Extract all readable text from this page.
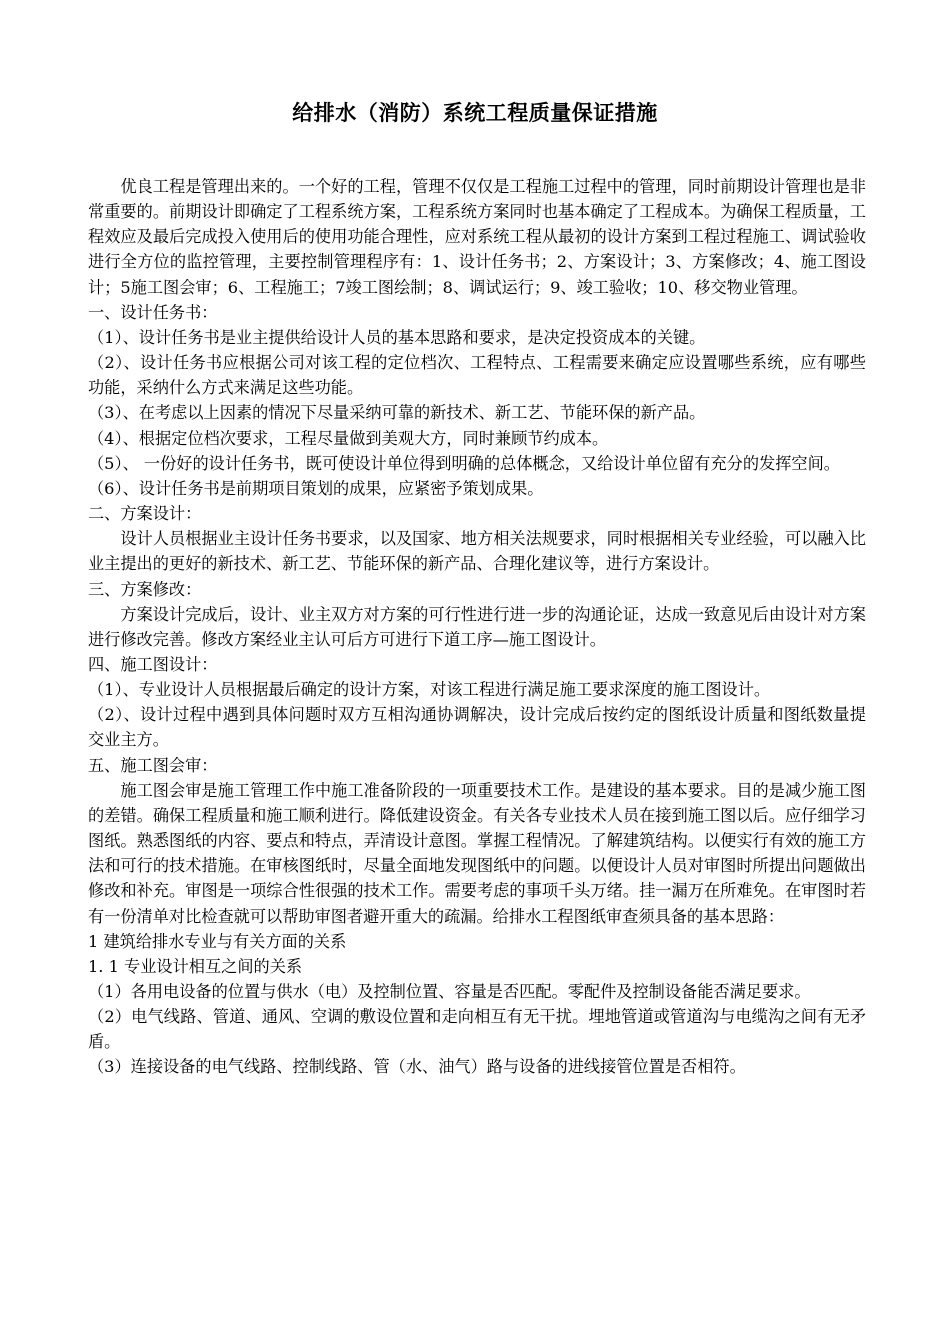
给排水（消防）系统工程质量保证措施

优良工程是管理出来的。一个好的工程，管理不仅仅是工程施工过程中的管理，同时前期设计管理也是非常重要的。前期设计即确定了工程系统方案，工程系统方案同时也基本确定了工程成本。为确保工程质量，工程效应及最后完成投入使用后的使用功能合理性，应对系统工程从最初的设计方案到工程过程施工、调试验收进行全方位的监控管理，主要控制管理程序有：1、设计任务书；2、方案设计；3、方案修改；4、施工图设计；5施工图会审；6、工程施工；7竣工图绘制；8、调试运行；9、竣工验收；10、移交物业管理。

一、设计任务书：

（1）、设计任务书是业主提供给设计人员的基本思路和要求，是决定投资成本的关键。

（2）、设计任务书应根据公司对该工程的定位档次、工程特点、工程需要来确定应设置哪些系统，应有哪些功能，采纳什么方式来满足这些功能。

（3）、在考虑以上因素的情况下尽量采纳可靠的新技术、新工艺、节能环保的新产品。

（4）、根据定位档次要求，工程尽量做到美观大方，同时兼顾节约成本。

（5）、 一份好的设计任务书，既可使设计单位得到明确的总体概念，又给设计单位留有充分的发挥空间。

（6）、设计任务书是前期项目策划的成果，应紧密予策划成果。

二、方案设计：

设计人员根据业主设计任务书要求，以及国家、地方相关法规要求，同时根据相关专业经验，可以融入比业主提出的更好的新技术、新工艺、节能环保的新产品、合理化建议等，进行方案设计。

三、方案修改：

方案设计完成后，设计、业主双方对方案的可行性进行进一步的沟通论证，达成一致意见后由设计对方案进行修改完善。修改方案经业主认可后方可进行下道工序—施工图设计。

四、施工图设计：

（1）、专业设计人员根据最后确定的设计方案，对该工程进行满足施工要求深度的施工图设计。

（2）、设计过程中遇到具体问题时双方互相沟通协调解决，设计完成后按约定的图纸设计质量和图纸数量提交业主方。

五、施工图会审：

施工图会审是施工管理工作中施工准备阶段的一项重要技术工作。是建设的基本要求。目的是减少施工图的差错。确保工程质量和施工顺利进行。降低建设资金。有关各专业技术人员在接到施工图以后。应仔细学习图纸。熟悉图纸的内容、要点和特点，弄清设计意图。掌握工程情况。了解建筑结构。以便实行有效的施工方法和可行的技术措施。在审核图纸时，尽量全面地发现图纸中的问题。以便设计人员对审图时所提出问题做出修改和补充。审图是一项综合性很强的技术工作。需要考虑的事项千头万绪。挂一漏万在所难免。在审图时若有一份清单对比检查就可以帮助审图者避开重大的疏漏。给排水工程图纸审查须具备的基本思路：

1 建筑给排水专业与有关方面的关系

1. 1 专业设计相互之间的关系

（1）各用电设备的位置与供水（电）及控制位置、容量是否匹配。零配件及控制设备能否满足要求。

（2）电气线路、管道、通风、空调的敷设位置和走向相互有无干扰。埋地管道或管道沟与电缆沟之间有无矛盾。

（3）连接设备的电气线路、控制线路、管（水、油气）路与设备的进线接管位置是否相符。
